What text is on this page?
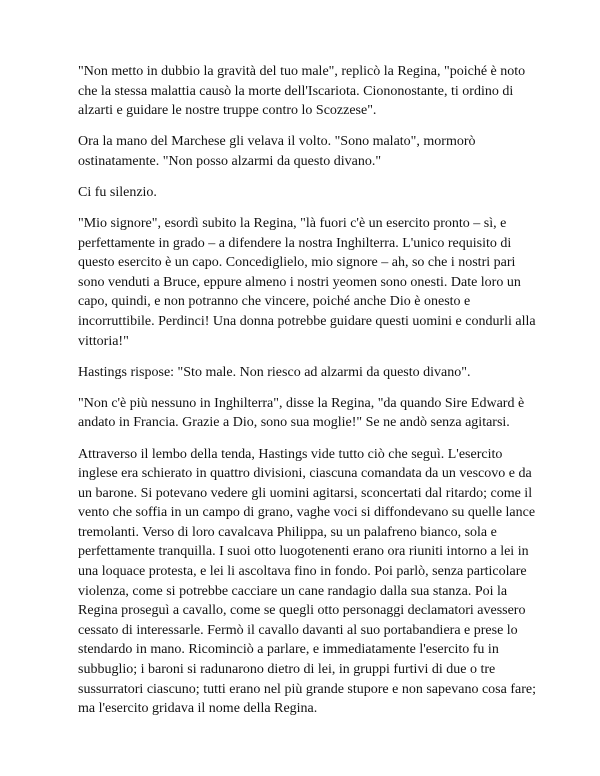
"Non metto in dubbio la gravità del tuo male", replicò la Regina, "poiché è noto che la stessa malattia causò la morte dell'Iscariota. Ciononostante, ti ordino di alzarti e guidare le nostre truppe contro lo Scozzese".

Ora la mano del Marchese gli velava il volto. "Sono malato", mormorò ostinatamente. "Non posso alzarmi da questo divano."

Ci fu silenzio.

"Mio signore", esordì subito la Regina, "là fuori c'è un esercito pronto – sì, e perfettamente in grado – a difendere la nostra Inghilterra. L'unico requisito di questo esercito è un capo. Concediglielo, mio signore – ah, so che i nostri pari sono venduti a Bruce, eppure almeno i nostri yeomen sono onesti. Date loro un capo, quindi, e non potranno che vincere, poiché anche Dio è onesto e incorruttibile. Perdinci! Una donna potrebbe guidare questi uomini e condurli alla vittoria!"

Hastings rispose: "Sto male. Non riesco ad alzarmi da questo divano".

"Non c'è più nessuno in Inghilterra", disse la Regina, "da quando Sire Edward è andato in Francia. Grazie a Dio, sono sua moglie!" Se ne andò senza agitarsi.

Attraverso il lembo della tenda, Hastings vide tutto ciò che seguì. L'esercito inglese era schierato in quattro divisioni, ciascuna comandata da un vescovo e da un barone. Si potevano vedere gli uomini agitarsi, sconcertati dal ritardo; come il vento che soffia in un campo di grano, vaghe voci si diffondevano su quelle lance tremolanti. Verso di loro cavalcava Philippa, su un palafreno bianco, sola e perfettamente tranquilla. I suoi otto luogotenenti erano ora riuniti intorno a lei in una loquace protesta, e lei li ascoltava fino in fondo. Poi parlò, senza particolare violenza, come si potrebbe cacciare un cane randagio dalla sua stanza. Poi la Regina proseguì a cavallo, come se quegli otto personaggi declamatori avessero cessato di interessarle. Fermò il cavallo davanti al suo portabandiera e prese lo stendardo in mano. Ricominciò a parlare, e immediatamente l'esercito fu in subbuglio; i baroni si radunarono dietro di lei, in gruppi furtivi di due o tre sussurratori ciascuno; tutti erano nel più grande stupore e non sapevano cosa fare; ma l'esercito gridava il nome della Regina.
